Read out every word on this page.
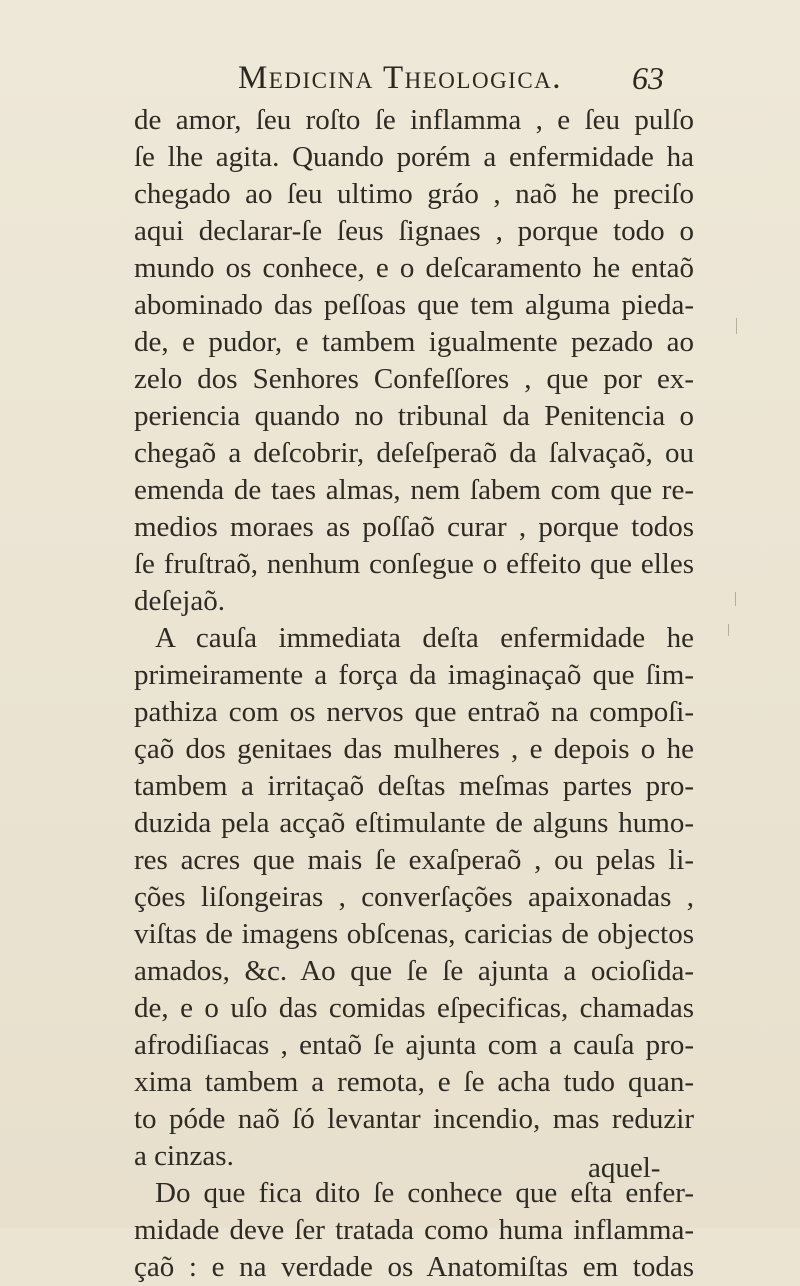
Medicina Theologica.	63
de amor, ſeu roſto ſe inflamma , e ſeu pulſo
ſe lhe agita. Quando porém a enfermidade ha
chegado ao ſeu ultimo gráo , naõ he preciſo
aqui declarar-ſe ſeus ſignaes , porque todo o
mundo os conhece, e o deſcaramento he entaõ
abominado das peſſoas que tem alguma pieda-
de, e pudor, e tambem igualmente pezado ao
zelo dos Senhores Confeſſores , que por ex-
periencia quando no tribunal da Penitencia o
chegaõ a deſcobrir, deſeſperaõ da ſalvaçaõ, ou
emenda de taes almas, nem ſabem com que re-
medios moraes as poſſaõ curar , porque todos
ſe fruſtraõ, nenhum conſegue o effeito que elles
deſejaõ.
A cauſa immediata deſta enfermidade he
primeiramente a força da imaginaçaõ que ſim-
pathiza com os nervos que entraõ na compoſi-
çaõ dos genitaes das mulheres , e depois o he
tambem a irritaçaõ deſtas meſmas partes pro-
duzida pela acçaõ eſtimulante de alguns humo-
res acres que mais ſe exaſperaõ , ou pelas li-
ções liſongeiras , converſações apaixonadas ,
viſtas de imagens obſcenas, caricias de objectos
amados, &c. Ao que ſe ſe ajunta a ocioſida-
de, e o uſo das comidas eſpecificas, chamadas
afrodiſiacas , entaõ ſe ajunta com a cauſa pro-
xima tambem a remota, e ſe acha tudo quan-
to póde naõ ſó levantar incendio, mas reduzir
a cinzas.
Do que fica dito ſe conhece que eſta enfer-
midade deve ſer tratada como huma inflamma-
çaõ : e na verdade os Anatomiſtas em todas
aquel-
